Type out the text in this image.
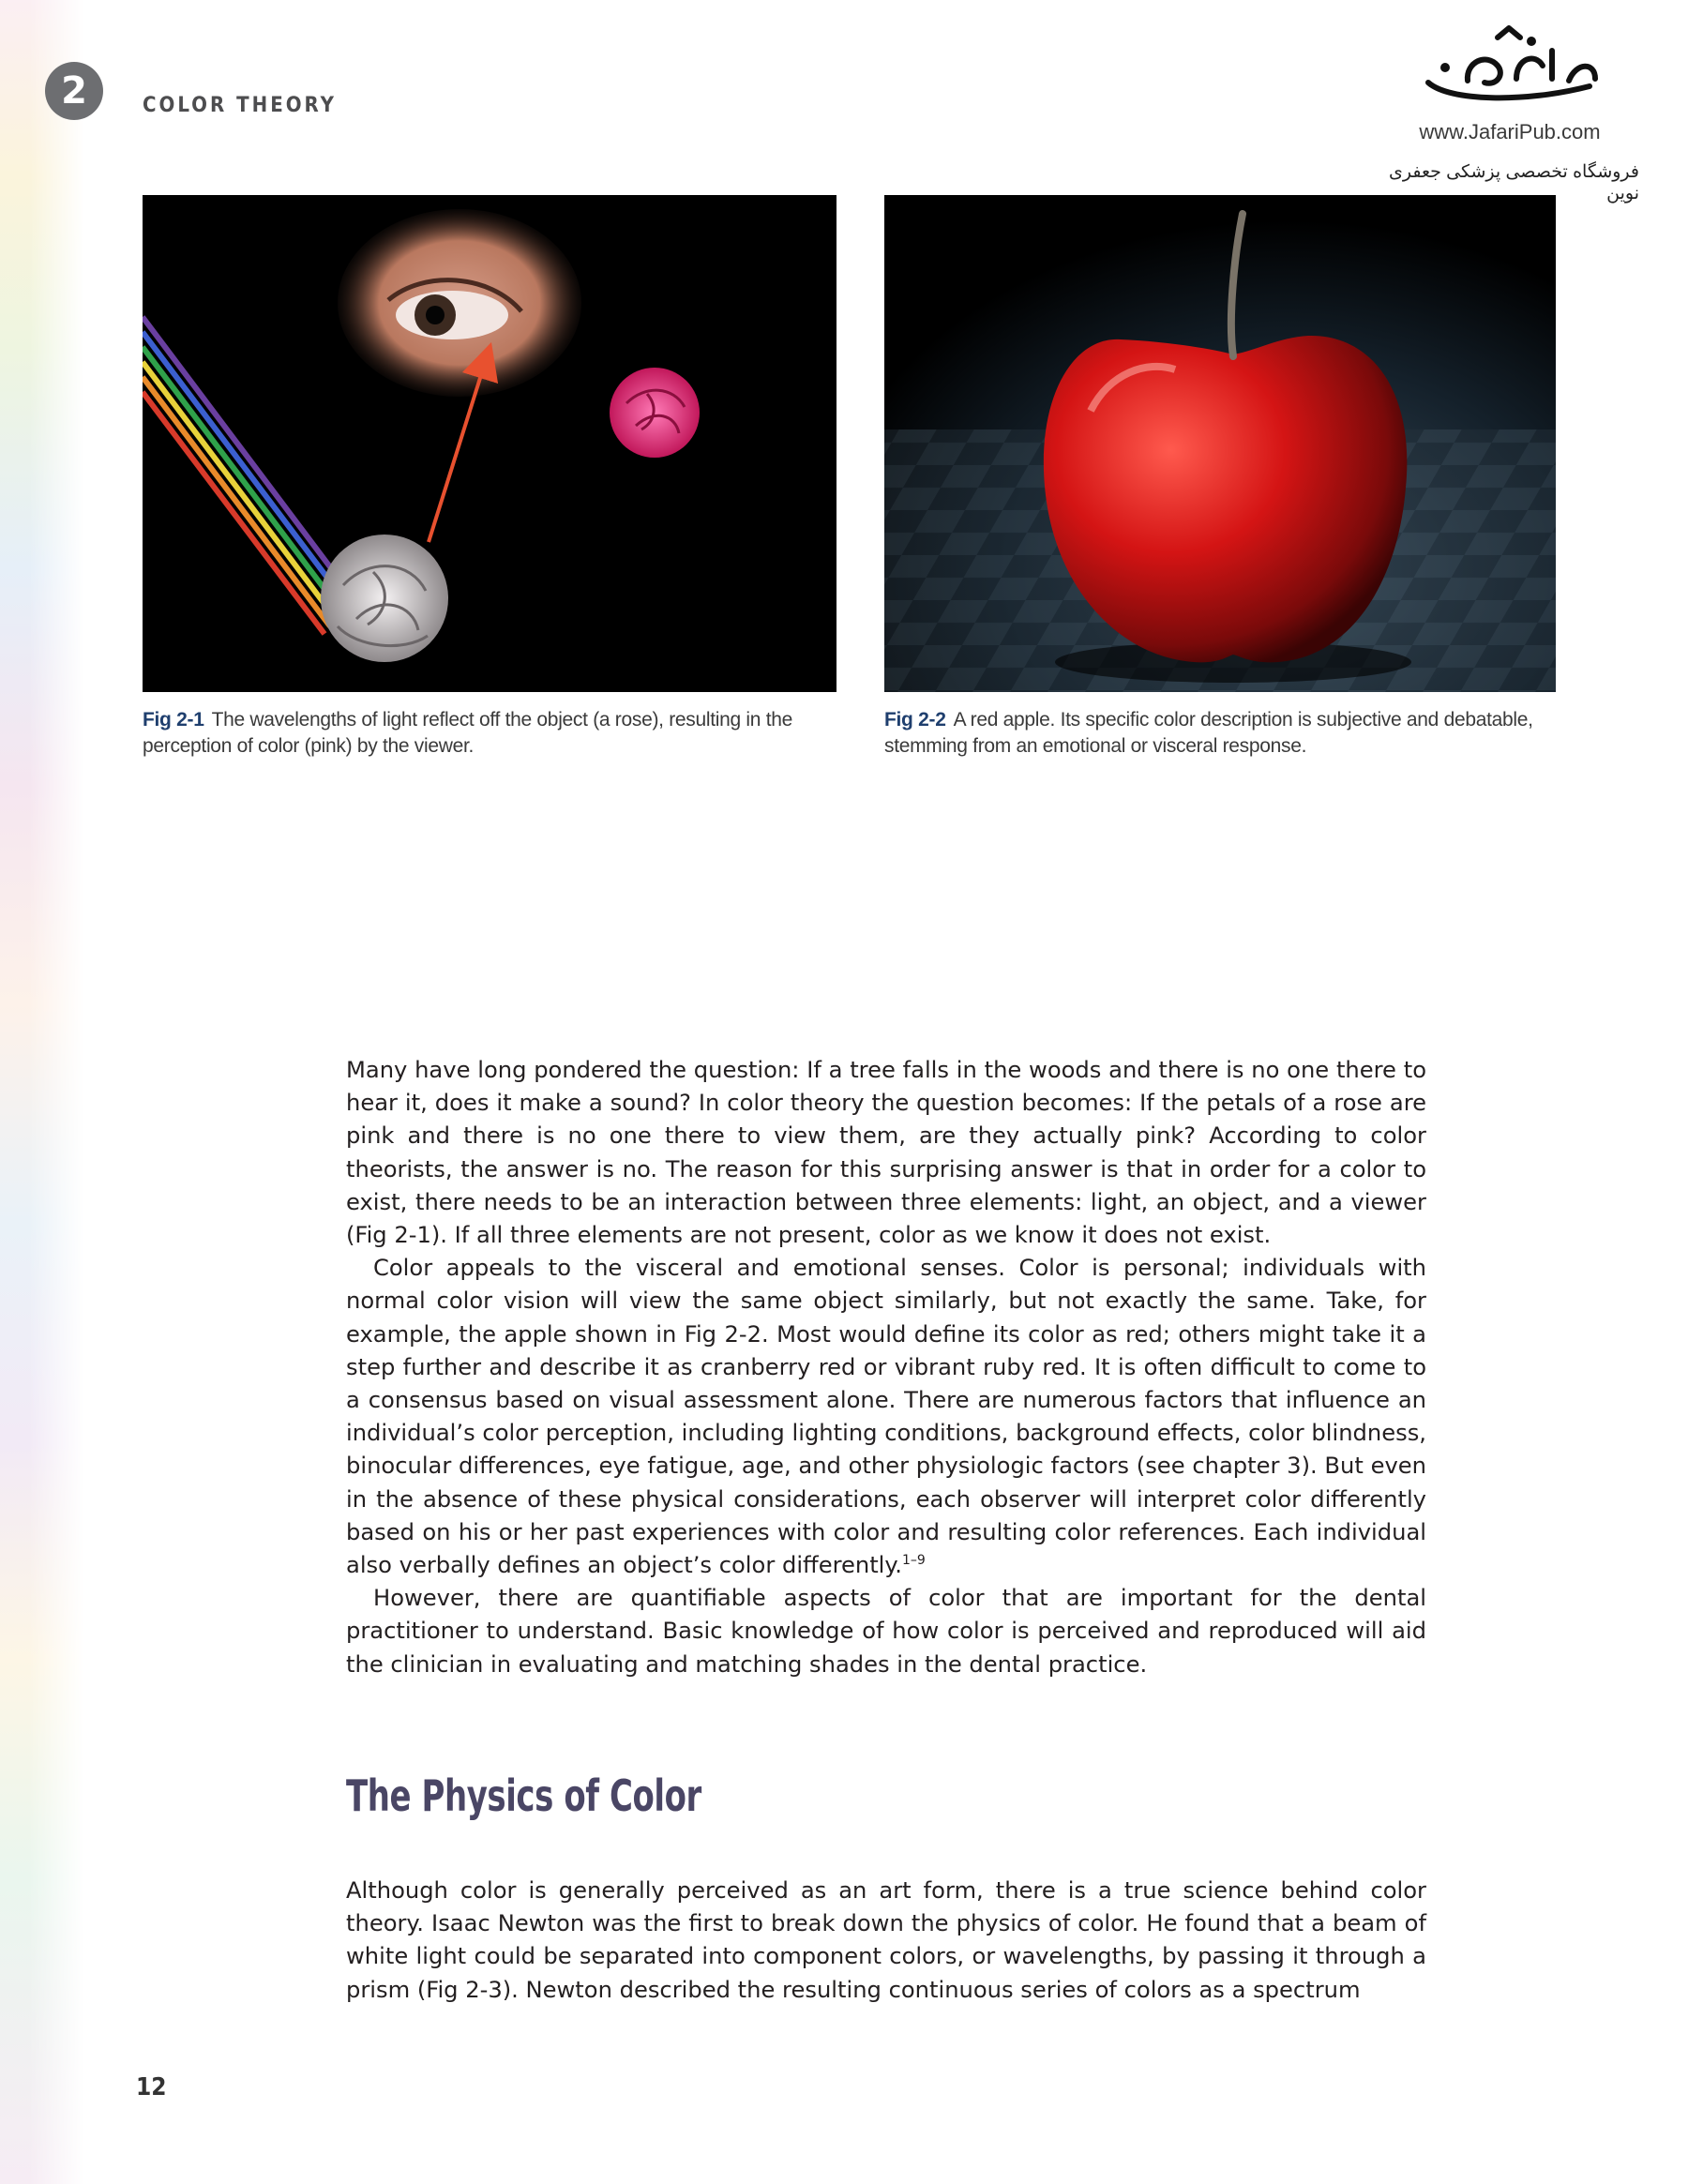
2	COLOR THEORY
www.JafariPub.com
فروشگاه تخصصی پزشکی جعفری نوین
Fig 2-1 The wavelengths of light reflect off the object (a rose), resulting in the perception of color (pink) by the viewer.
Fig 2-2 A red apple. Its specific color description is subjective and debatable, stemming from an emotional or visceral response.

Many have long pondered the question: If a tree falls in the woods and there is no one there to hear it, does it make a sound? In color theory the question becomes: If the petals of a rose are pink and there is no one there to view them, are they actually pink? According to color theorists, the answer is no. The reason for this surprising answer is that in order for a color to exist, there needs to be an interaction between three elements: light, an object, and a viewer (Fig 2-1). If all three elements are not present, color as we know it does not exist.

Color appeals to the visceral and emotional senses. Color is personal; individuals with normal color vision will view the same object similarly, but not exactly the same. Take, for example, the apple shown in Fig 2-2. Most would define its color as red; others might take it a step further and describe it as cranberry red or vibrant ruby red. It is often difficult to come to a consensus based on visual assessment alone. There are numerous factors that influence an individual’s color perception, including lighting conditions, background effects, color blindness, binocular differences, eye fatigue, age, and other physiologic factors (see chapter 3). But even in the absence of these physical considerations, each observer will interpret color differently based on his or her past experiences with color and resulting color references. Each individual also verbally defines an object’s color differently.$^{1-9}$

However, there are quantifiable aspects of color that are important for the dental practitioner to understand. Basic knowledge of how color is perceived and reproduced will aid the clinician in evaluating and matching shades in the dental practice.

The Physics of Color

Although color is generally perceived as an art form, there is a true science behind color theory. Isaac Newton was the first to break down the physics of color. He found that a beam of white light could be separated into component colors, or wavelengths, by passing it through a prism (Fig 2-3). Newton described the resulting continuous series of colors as a spectrum

12
